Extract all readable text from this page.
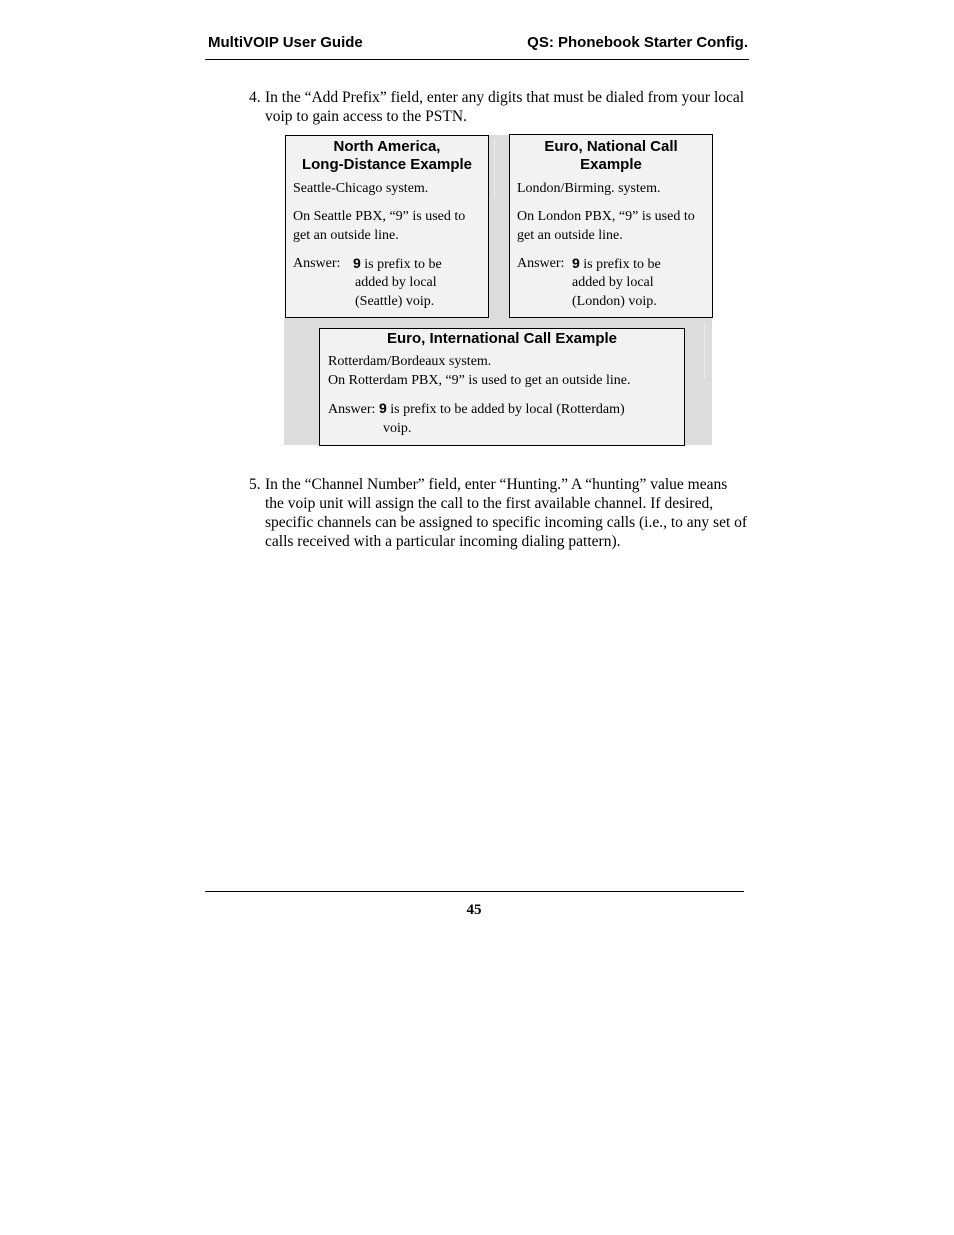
MultiVOIP User Guide	QS: Phonebook Starter Config.
4. In the “Add Prefix” field, enter any digits that must be dialed from your local voip to gain access to the PSTN.
North America,
Long-Distance Example

Seattle-Chicago system.

On Seattle PBX, “9” is used to get an outside line.

Answer: 9 is prefix to be
added by local
(Seattle) voip.
Euro, National Call
Example

London/Birming. system.

On London PBX, “9” is used to get an outside line.

Answer: 9 is prefix to be
added by local
(London) voip.
Euro, International Call Example

Rotterdam/Bordeaux system.

On Rotterdam PBX, “9” is used to get an outside line.

Answer: 9 is prefix to be added by local (Rotterdam)
voip.
5. In the “Channel Number” field, enter “Hunting.” A “hunting” value means the voip unit will assign the call to the first available channel. If desired, specific channels can be assigned to specific incoming calls (i.e., to any set of calls received with a particular incoming dialing pattern).
45
